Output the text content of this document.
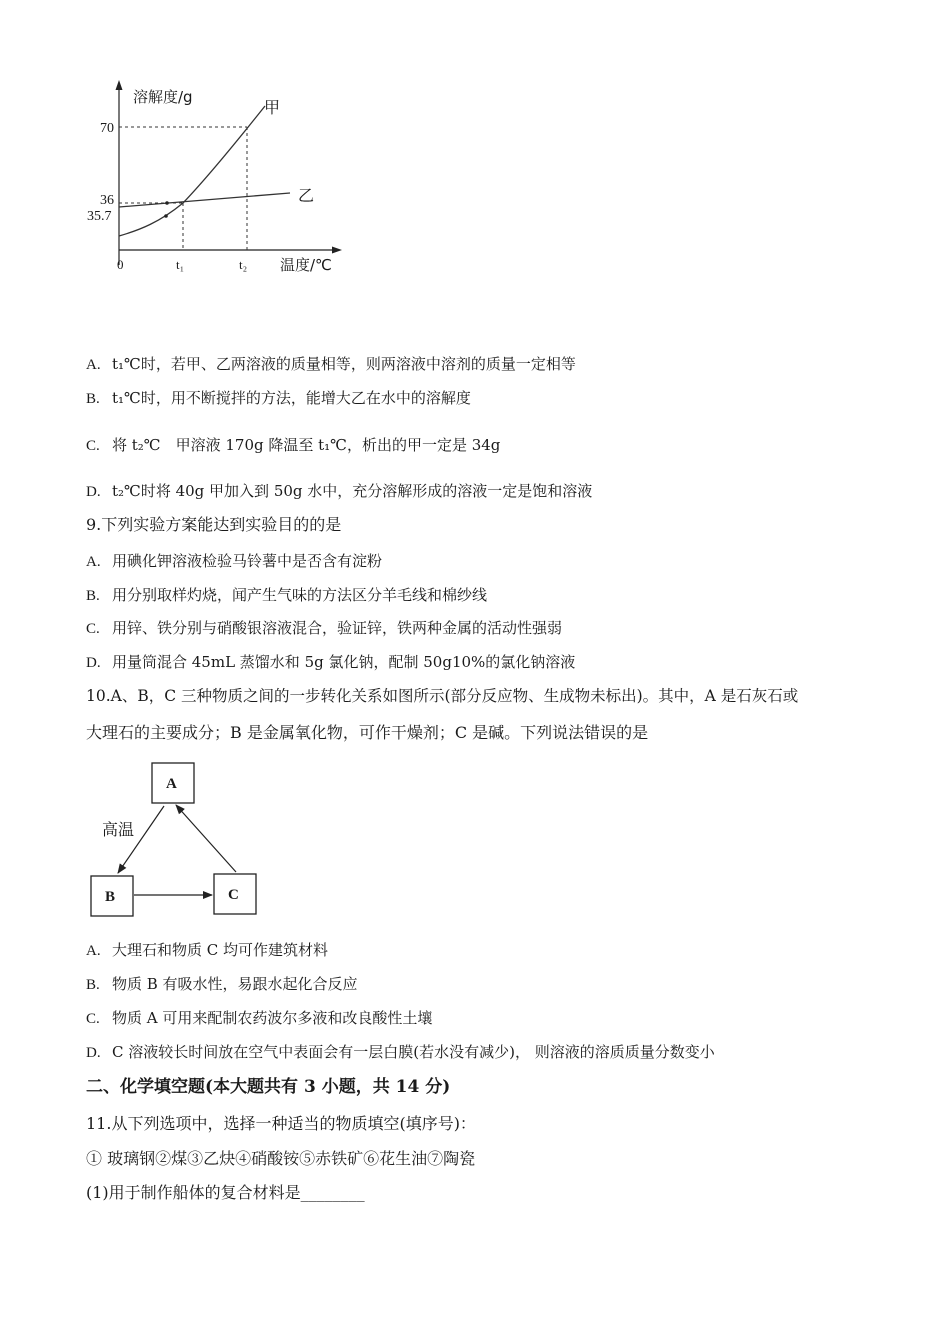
溶解度/g
温度/℃
0
70
36
35.7
t₁	t₂
甲
乙
A. t₁℃时，若甲、乙两溶液的质量相等，则两溶液中溶剂的质量一定相等
B. t₁℃时，用不断搅拌的方法，能增大乙在水中的溶解度
C. 将 t₂℃　甲溶液 170g 降温至 t₁℃，析出的甲一定是 34g
D. t₂℃时将 40g 甲加入到 50g 水中，充分溶解形成的溶液一定是饱和溶液
9.下列实验方案能达到实验目的的是
A. 用碘化钾溶液检验马铃薯中是否含有淀粉
B. 用分别取样灼烧，闻产生气味的方法区分羊毛线和棉纱线
C. 用锌、铁分别与硝酸银溶液混合，验证锌，铁两种金属的活动性强弱
D. 用量筒混合 45mL 蒸馏水和 5g 氯化钠，配制 50g10%的氯化钠溶液
10.A、B，C 三种物质之间的一步转化关系如图所示(部分反应物、生成物未标出)。其中，A 是石灰石或
大理石的主要成分；B 是金属氧化物，可作干燥剂；C 是碱。下列说法错误的是
A
B	C
高温
A. 大理石和物质 C 均可作建筑材料
B. 物质 B 有吸水性，易跟水起化合反应
C. 物质 A 可用来配制农药波尔多液和改良酸性土壤
D. C 溶液较长时间放在空气中表面会有一层白膜(若水没有减少)， 则溶液的溶质质量分数变小
二、化学填空题(本大题共有 3 小题，共 14 分)
11.从下列选项中，选择一种适当的物质填空(填序号)：
① 玻璃钢②煤③乙炔④硝酸铵⑤赤铁矿⑥花生油⑦陶瓷
(1)用于制作船体的复合材料是________
